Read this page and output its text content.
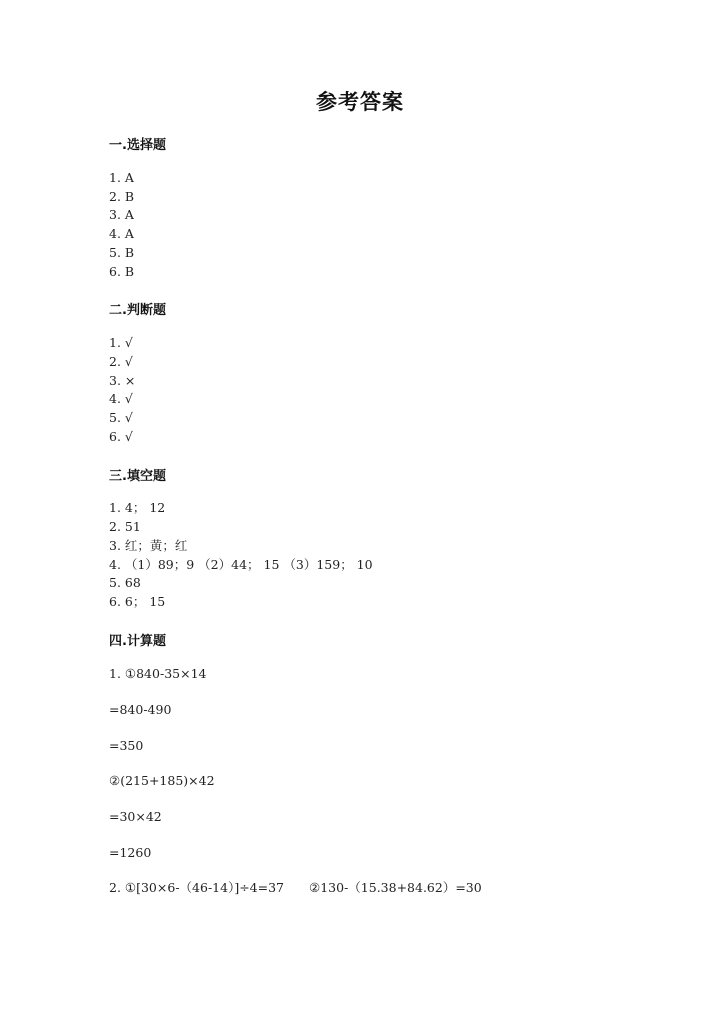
参考答案
一.选择题
1. A
2. B
3. A
4. A
5. B
6. B
二.判断题
1. √
2. √
3. ×
4. √
5. √
6. √
三.填空题
1. 4； 12
2. 51
3. 红；黄；红
4. （1）89；9 （2）44； 15 （3）159； 10
5. 68
6. 6； 15
四.计算题
1. ①840-35×14
=840-490
=350
②(215+185)×42
=30×42
=1260
2. ①[30×6-（46-14）]÷4=37　　②130-（15.38+84.62）=30
